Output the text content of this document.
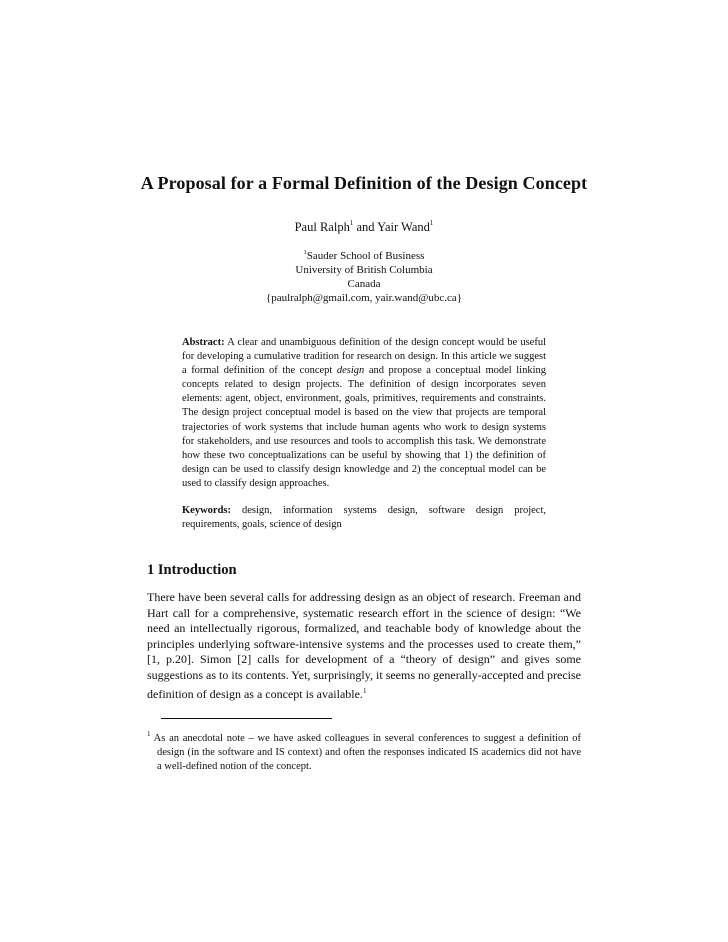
A Proposal for a Formal Definition of the Design Concept
Paul Ralph$^1$ and Yair Wand$^1$
$^1$Sauder School of Business
University of British Columbia
Canada
{paulralph@gmail.com, yair.wand@ubc.ca}
Abstract: A clear and unambiguous definition of the design concept would be useful for developing a cumulative tradition for research on design. In this article we suggest a formal definition of the concept design and propose a conceptual model linking concepts related to design projects. The definition of design incorporates seven elements: agent, object, environment, goals, primitives, requirements and constraints. The design project conceptual model is based on the view that projects are temporal trajectories of work systems that include human agents who work to design systems for stakeholders, and use resources and tools to accomplish this task. We demonstrate how these two conceptualizations can be useful by showing that 1) the definition of design can be used to classify design knowledge and 2) the conceptual model can be used to classify design approaches.
Keywords: design, information systems design, software design project, requirements, goals, science of design
1 Introduction
There have been several calls for addressing design as an object of research. Freeman and Hart call for a comprehensive, systematic research effort in the science of design: “We need an intellectually rigorous, formalized, and teachable body of knowledge about the principles underlying software-intensive systems and the processes used to create them,” [1, p.20]. Simon [2] calls for development of a “theory of design” and gives some suggestions as to its contents. Yet, surprisingly, it seems no generally-accepted and precise definition of design as a concept is available.$^1$
$^1$ As an anecdotal note – we have asked colleagues in several conferences to suggest a definition of design (in the software and IS context) and often the responses indicated IS academics did not have a well-defined notion of the concept.
